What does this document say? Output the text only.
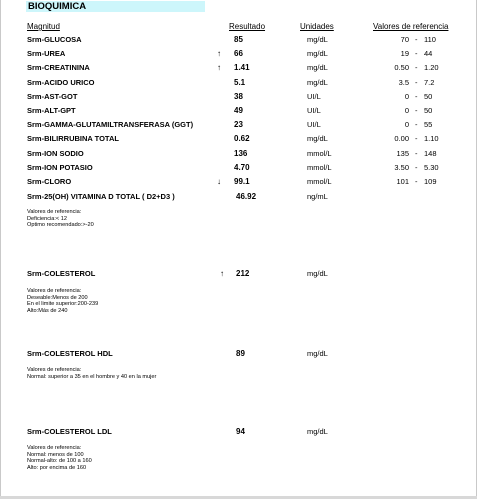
BIOQUIMICA
Magnitud	Resultado	Unidades	Valores de referencia
Srm-GLUCOSA	85	mg/dL	70 - 110
Srm-UREA	↑	66	mg/dL	19 - 44
Srm-CREATININA	↑	1.41	mg/dL	0.50 - 1.20
Srm-ACIDO URICO	5.1	mg/dL	3.5 - 7.2
Srm-AST-GOT	38	UI/L	0 - 50
Srm-ALT-GPT	49	UI/L	0 - 50
Srm-GAMMA-GLUTAMILTRANSFERASA (GGT)	23	UI/L	0 - 55
Srm-BILIRRUBINA TOTAL	0.62	mg/dL	0.00 - 1.10
Srm-ION SODIO	136	mmol/L	135 - 148
Srm-ION POTASIO	4.70	mmol/L	3.50 - 5.30
Srm-CLORO	↓	99.1	mmol/L	101 - 109
Srm-25(OH) VITAMINA D TOTAL ( D2+D3 )	46.92	ng/mL
Valores de referencia:
Deficiencia:< 12
Optimo recomendado:>-20
Srm-COLESTEROL	↑	212	mg/dL
Valores de referencia:
Deseable:Menos de 200
En el limite superior:200-239
Alto:Más de 240
Srm-COLESTEROL HDL	89	mg/dL
Valores de referencia:
Normal: superior a 35 en el hombre y 40 en la mujer
Srm-COLESTEROL LDL	94	mg/dL
Valores de referencia:
Normal: menos de 100
Normal-alto: de 100 a 160
Alto: por encima de 160
